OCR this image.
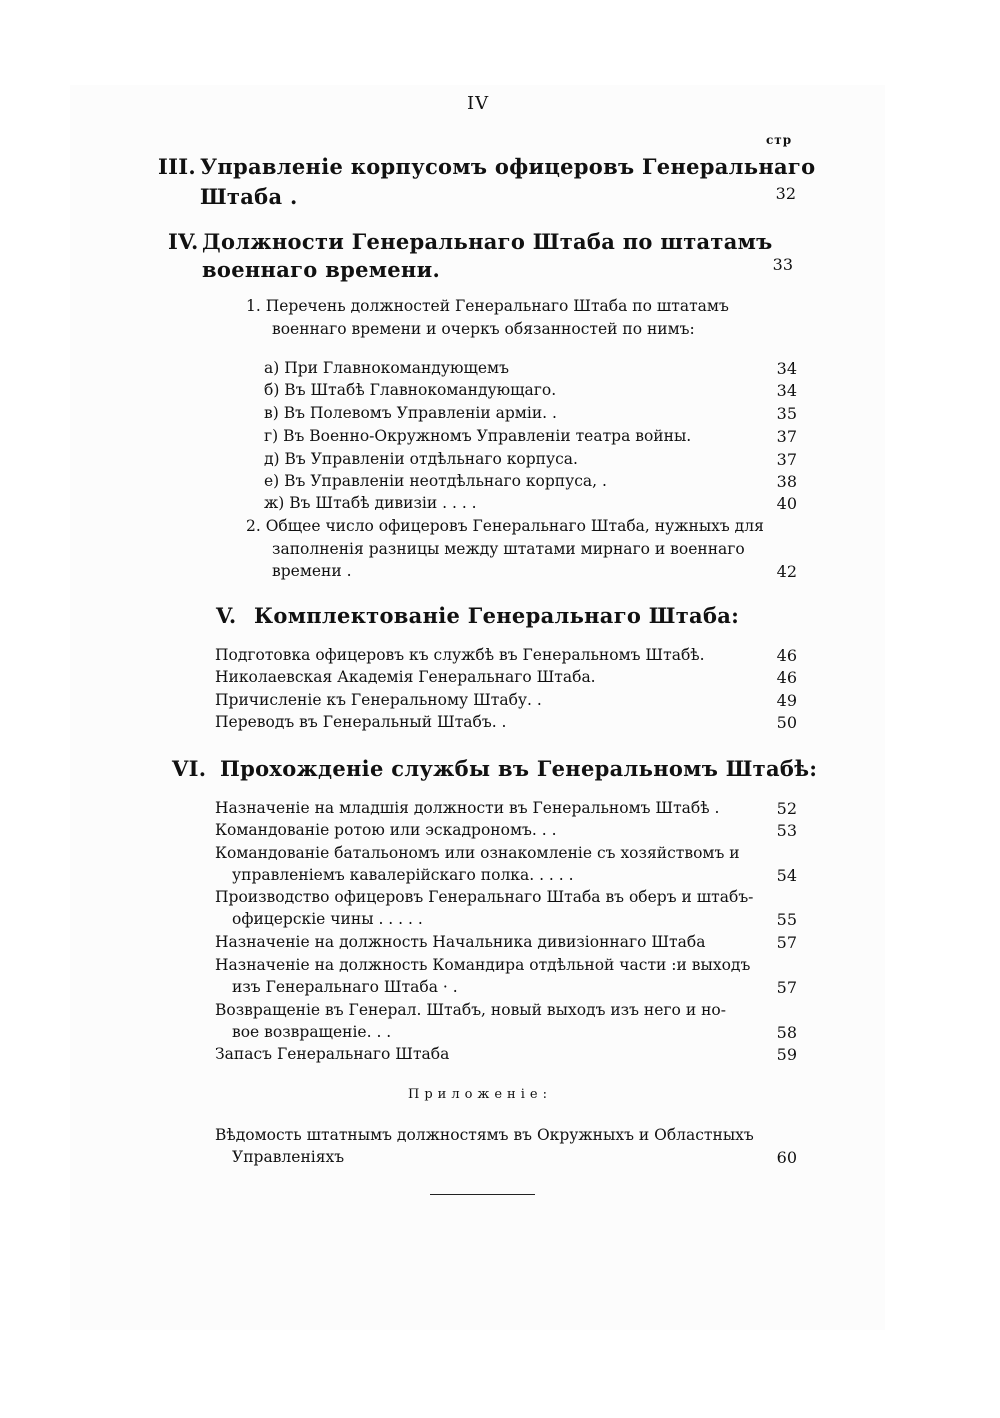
IV
стр
III. Управленіе корпусомъ офицеровъ Генеральнаго
Штаба .	32
IV. Должности Генеральнаго Штаба по штатамъ
военнаго времени.	33
1. Перечень должностей Генеральнаго Штаба по штатамъ
военнаго времени и очеркъ обязанностей по нимъ:
а) При Главнокомандующемъ	34
б) Въ Штабѣ Главнокомандующаго.	34
в) Въ Полевомъ Управленіи арміи. .	35
г) Въ Военно-Окружномъ Управленіи театра войны.	37
д) Въ Управленіи отдѣльнаго корпуса.	37
е) Въ Управленіи неотдѣльнаго корпуса, .	38
ж) Въ Штабѣ дивизіи . . . .	40
2. Общее число офицеровъ Генеральнаго Штаба, нужныхъ для
заполненія разницы между штатами мирнаго и военнаго
времени .	42
V. Комплектованіе Генеральнаго Штаба:
Подготовка офицеровъ къ службѣ въ Генеральномъ Штабѣ.	46
Николаевская Академія Генеральнаго Штаба.	46
Причисленіе къ Генеральному Штабу. .	49
Переводъ въ Генеральный Штабъ. .	50
VI. Прохожденіе службы въ Генеральномъ Штабѣ:
Назначеніе на младшія должности въ Генеральномъ Штабѣ .	52
Командованіе ротою или эскадрономъ. . .	53
Командованіе батальономъ или ознакомленіе съ хозяйствомъ и
управленіемъ кавалерійскаго полка. . . . .	54
Производство офицеровъ Генеральнаго Штаба въ оберъ и штабъ-
офицерскіе чины . . . . .	55
Назначеніе на должность Начальника дивизіоннаго Штаба	57
Назначеніе на должность Командира отдѣльной части :и выходъ
изъ Генеральнаго Штаба · .	57
Возвращеніе въ Генерал. Штабъ, новый выходъ изъ него и но-
вое возвращеніе. . .	58
Запасъ Генеральнаго Штаба	59
Приложеніе:
Вѣдомость штатнымъ должностямъ въ Окружныхъ и Областныхъ
Управленіяхъ	60
